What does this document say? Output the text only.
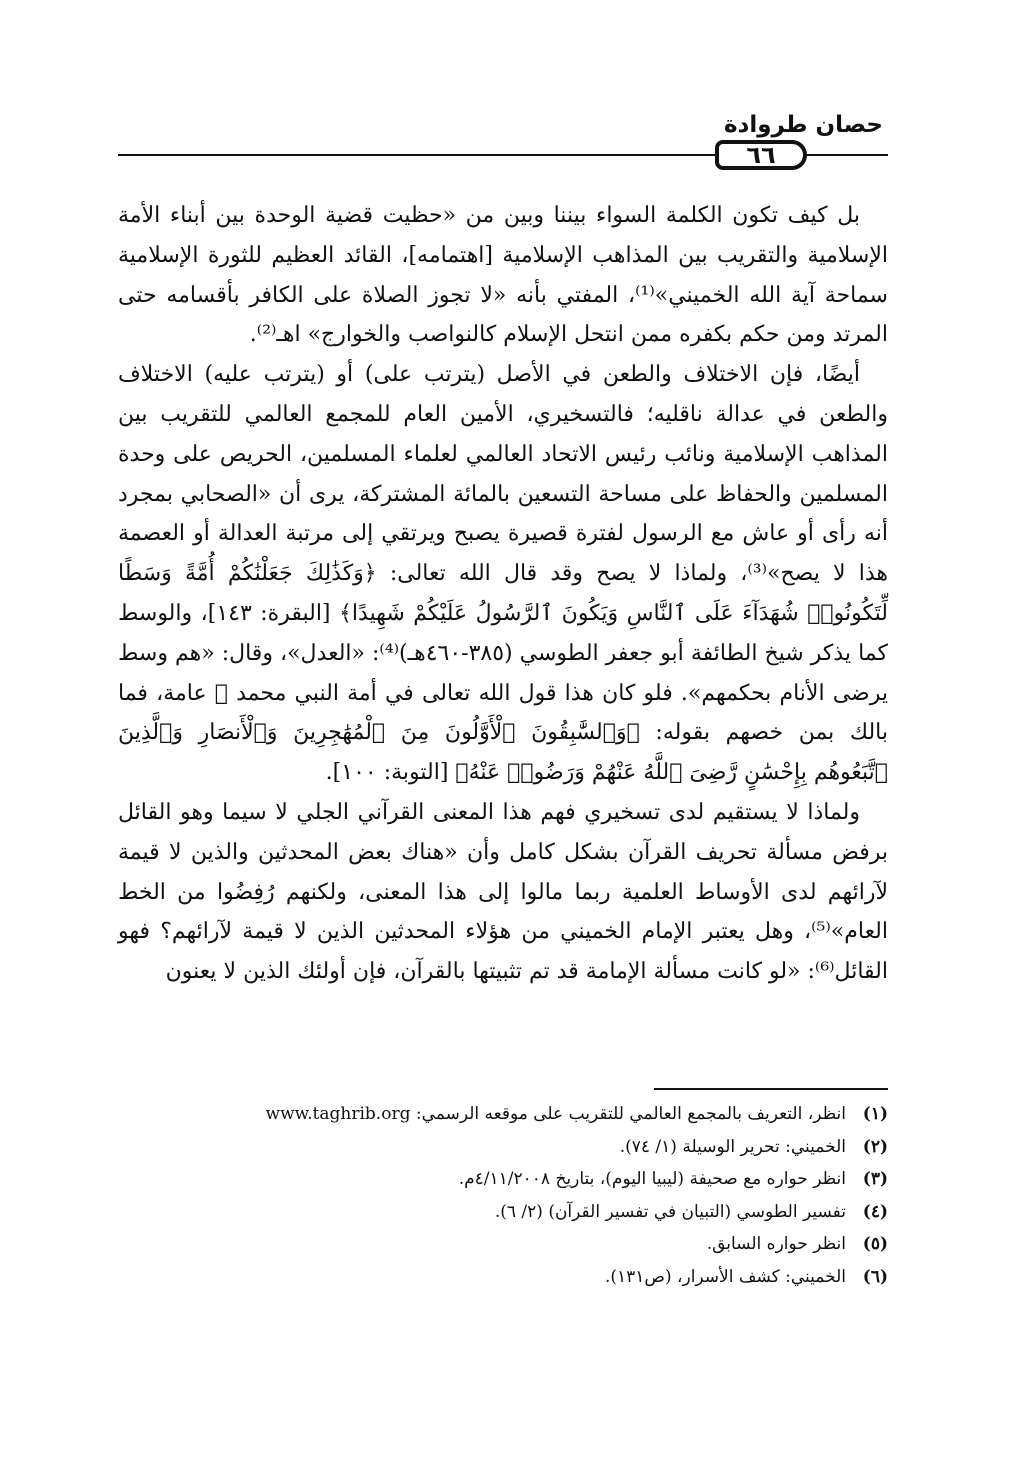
حصان طروادة
٦٦

بل كيف تكون الكلمة السواء بيننا وبين من «حظيت قضية الوحدة بين أبناء الأمة الإسلامية والتقريب بين المذاهب الإسلامية [اهتمامه]، القائد العظيم للثورة الإسلامية سماحة آية الله الخميني»⁽¹⁾، المفتي بأنه «لا تجوز الصلاة على الكافر بأقسامه حتى المرتد ومن حكم بكفره ممن انتحل الإسلام كالنواصب والخوارج» اهـ⁽²⁾.

أيضًا، فإن الاختلاف والطعن في الأصل (يترتب على) أو (يترتب عليه) الاختلاف والطعن في عدالة ناقليه؛ فالتسخيري، الأمين العام للمجمع العالمي للتقريب بين المذاهب الإسلامية ونائب رئيس الاتحاد العالمي لعلماء المسلمين، الحريص على وحدة المسلمين والحفاظ على مساحة التسعين بالمائة المشتركة، يرى أن «الصحابي بمجرد أنه رأى أو عاش مع الرسول لفترة قصيرة يصبح ويرتقي إلى مرتبة العدالة أو العصمة هذا لا يصح»⁽³⁾، ولماذا لا يصح وقد قال الله تعالى: ﴿وَكَذَٰلِكَ جَعَلْنَٰكُمْ أُمَّةً وَسَطًا لِّتَكُونُوا۟ شُهَدَآءَ عَلَى ٱلنَّاسِ وَيَكُونَ ٱلرَّسُولُ عَلَيْكُمْ شَهِيدًا﴾ [البقرة: ١٤٣]، والوسط كما يذكر شيخ الطائفة أبو جعفر الطوسي (٣٨٥-٤٦٠هـ)⁽⁴⁾: «العدل»، وقال: «هم وسط يرضى الأنام بحكمهم». فلو كان هذا قول الله تعالى في أمة النبي محمد ﷺ عامة، فما بالك بمن خصهم بقوله: ﴿وَٱلسَّٰبِقُونَ ٱلْأَوَّلُونَ مِنَ ٱلْمُهَٰجِرِينَ وَٱلْأَنصَارِ وَٱلَّذِينَ ٱتَّبَعُوهُم بِإِحْسَٰنٍ رَّضِىَ ٱللَّهُ عَنْهُمْ وَرَضُوا۟ عَنْهُ﴾ [التوبة: ١٠٠].

ولماذا لا يستقيم لدى تسخيري فهم هذا المعنى القرآني الجلي لا سيما وهو القائل برفض مسألة تحريف القرآن بشكل كامل وأن «هناك بعض المحدثين والذين لا قيمة لآرائهم لدى الأوساط العلمية ربما مالوا إلى هذا المعنى، ولكنهم رُفِضُوا من الخط العام»⁽⁵⁾، وهل يعتبر الإمام الخميني من هؤلاء المحدثين الذين لا قيمة لآرائهم؟ فهو القائل⁽⁶⁾: «لو كانت مسألة الإمامة قد تم تثبيتها بالقرآن، فإن أولئك الذين لا يعنون

(١)
انظر، التعريف بالمجمع العالمي للتقريب على موقعه الرسمي: www.taghrib.org
(٢)
الخميني: تحرير الوسيلة (١/ ٧٤).
(٣)
انظر حواره مع صحيفة (ليبيا اليوم)، بتاريخ ٤/١١/٢٠٠٨م.
(٤)
تفسير الطوسي (التبيان في تفسير القرآن) (٢/ ٦).
(٥)
انظر حواره السابق.
(٦)
الخميني: كشف الأسرار، (ص١٣١).
